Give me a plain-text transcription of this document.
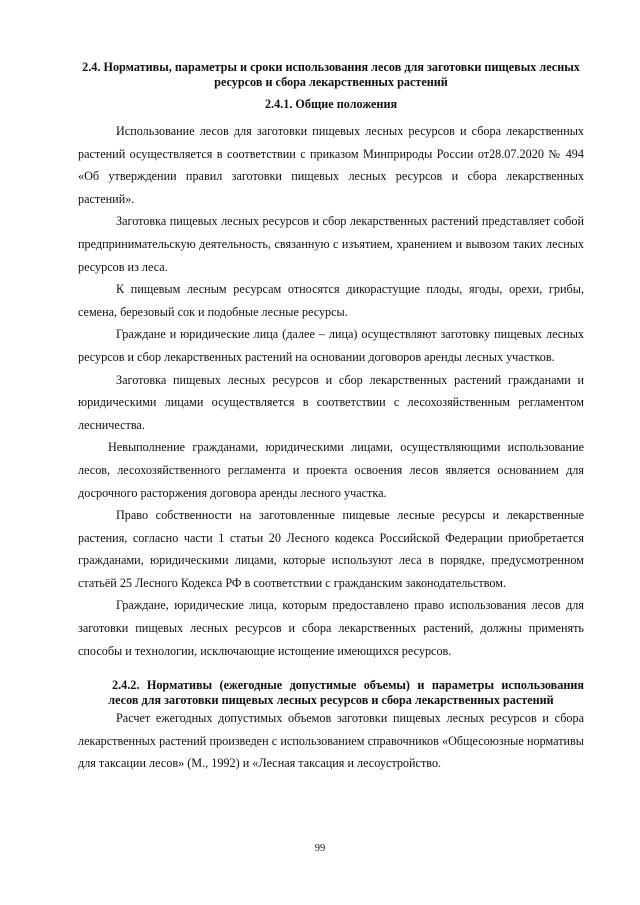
2.4. Нормативы, параметры и сроки использования лесов для заготовки пищевых лесных ресурсов и сбора лекарственных растений

2.4.1. Общие положения

Использование лесов для заготовки пищевых лесных ресурсов и сбора лекарственных растений осуществляется в соответствии с приказом Минприроды России от28.07.2020 № 494 «Об утверждении правил заготовки пищевых лесных ресурсов и сбора лекарственных растений».

Заготовка пищевых лесных ресурсов и сбор лекарственных растений представляет собой предпринимательскую деятельность, связанную с изъятием, хранением и вывозом таких лесных ресурсов из леса.

К пищевым лесным ресурсам относятся дикорастущие плоды, ягоды, орехи, грибы, семена, березовый сок и подобные лесные ресурсы.

Граждане и юридические лица (далее – лица) осуществляют заготовку пищевых лесных ресурсов и сбор лекарственных растений на основании договоров аренды лесных участков.

Заготовка пищевых лесных ресурсов и сбор лекарственных растений гражданами и юридическими лицами осуществляется в соответствии с лесохозяйственным регламентом лесничества.

Невыполнение гражданами, юридическими лицами, осуществляющими использование лесов, лесохозяйственного регламента и проекта освоения лесов является основанием для досрочного расторжения договора аренды лесного участка.

Право собственности на заготовленные пищевые лесные ресурсы и лекарственные растения, согласно части 1 статьи 20 Лесного кодекса Российской Федерации приобретается гражданами, юридическими лицами, которые используют леса в порядке, предусмотренном статьёй 25 Лесного Кодекса РФ в соответствии с гражданским законодательством.

Граждане, юридические лица, которым предоставлено право использования лесов для заготовки пищевых лесных ресурсов и сбора лекарственных растений, должны применять способы и технологии, исключающие истощение имеющихся ресурсов.

2.4.2. Нормативы (ежегодные допустимые объемы) и параметры использования лесов для заготовки пищевых лесных ресурсов и сбора лекарственных растений

Расчет ежегодных допустимых объемов заготовки пищевых лесных ресурсов и сбора лекарственных растений произведен с использованием справочников «Общесоюзные нормативы для таксации лесов» (М., 1992) и «Лесная таксация и лесоустройство.

99
